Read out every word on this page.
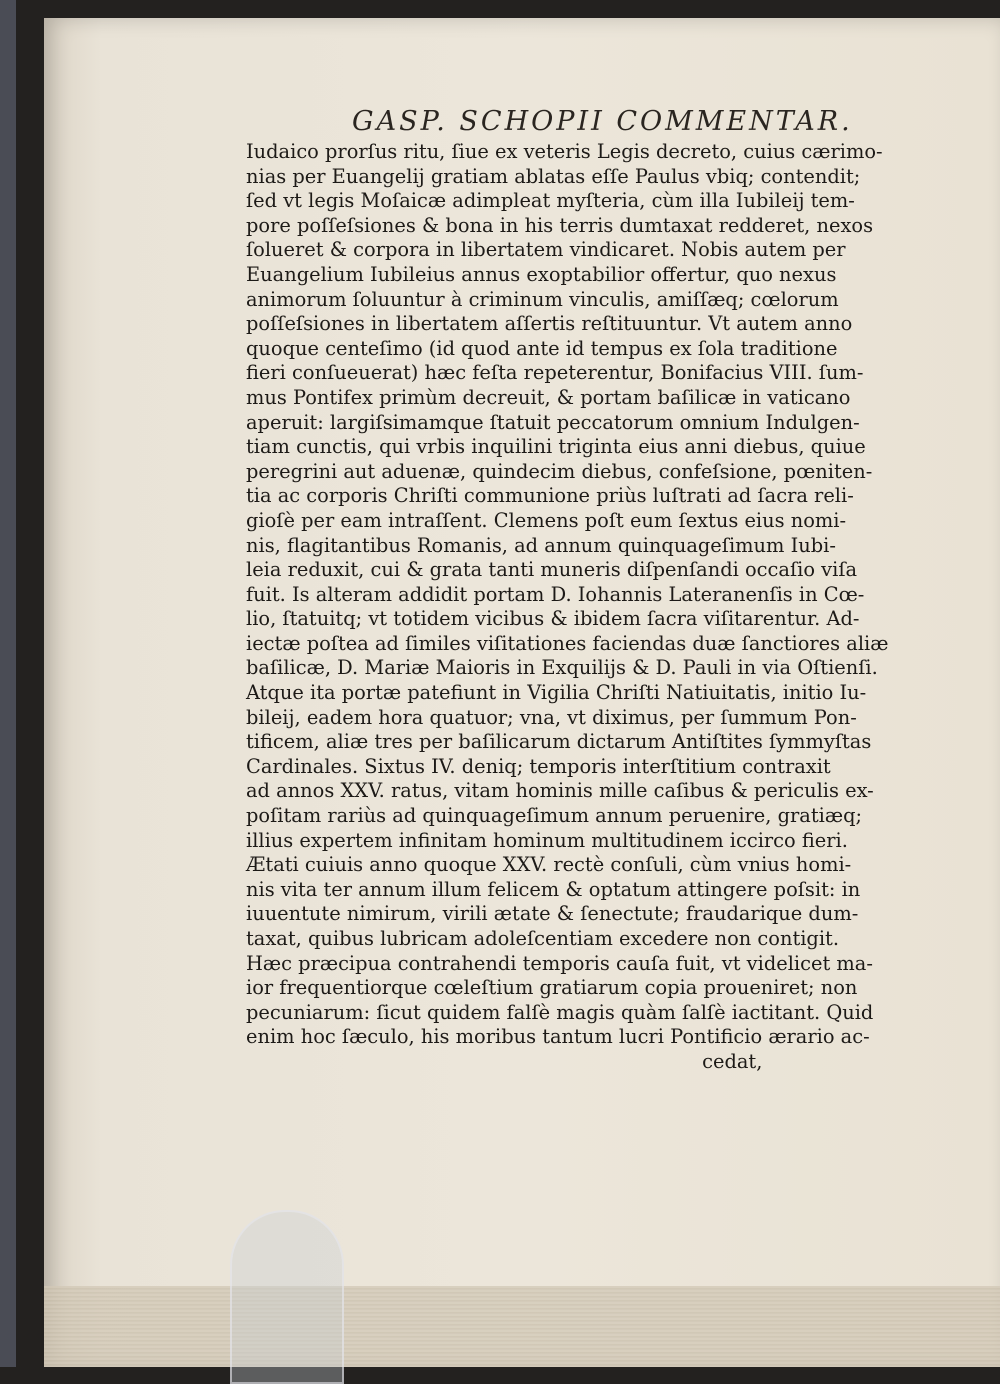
GASP. SCHOPII COMMENTAR.
Iudaico prorſus ritu, ſiue ex veteris Legis decreto, cuius cærimo-
nias per Euangelij gratiam ablatas eſſe Paulus vbiq; contendit;
ſed vt legis Moſaicæ adimpleat myſteria, cùm illa Iubileij tem-
pore poſſeſsiones & bona in his terris dumtaxat redderet, nexos
ſolueret & corpora in libertatem vindicaret. Nobis autem per
Euangelium Iubileius annus exoptabilior offertur, quo nexus
animorum ſoluuntur à criminum vinculis, amiſſæq; cœlorum
poſſeſsiones in libertatem aſſertis reſtituuntur. Vt autem anno
quoque centeſimo (id quod ante id tempus ex ſola traditione
fieri conſueuerat) hæc feſta repeterentur, Bonifacius VIII. ſum-
mus Pontifex primùm decreuit, & portam baſilicæ in vaticano
aperuit: largiſsimamque ſtatuit peccatorum omnium Indulgen-
tiam cunctis, qui vrbis inquilini triginta eius anni diebus, quiue
peregrini aut aduenæ, quindecim diebus, confeſsione, pœniten-
tia ac corporis Chriſti communione priùs luſtrati ad ſacra reli-
gioſè per eam intraſſent. Clemens poſt eum ſextus eius nomi-
nis, flagitantibus Romanis, ad annum quinquageſimum Iubi-
leia reduxit, cui & grata tanti muneris diſpenſandi occaſio viſa
fuit. Is alteram addidit portam D. Iohannis Lateranenſis in Cœ-
lio, ſtatuitq; vt totidem vicibus & ibidem ſacra viſitarentur. Ad-
iectæ poſtea ad ſimiles viſitationes faciendas duæ ſanctiores aliæ
baſilicæ, D. Mariæ Maioris in Exquilijs & D. Pauli in via Oſtienſi.
Atque ita portæ patefiunt in Vigilia Chriſti Natiuitatis, initio Iu-
bileij, eadem hora quatuor; vna, vt diximus, per ſummum Pon-
tificem, aliæ tres per baſilicarum dictarum Antiſtites ſymmyſtas
Cardinales. Sixtus IV. deniq; temporis interſtitium contraxit
ad annos XXV. ratus, vitam hominis mille caſibus & periculis ex-
poſitam rariùs ad quinquageſimum annum peruenire, gratiæq;
illius expertem infinitam hominum multitudinem iccirco fieri.
Ætati cuiuis anno quoque XXV. rectè conſuli, cùm vnius homi-
nis vita ter annum illum felicem & optatum attingere poſsit: in
iuuentute nimirum, virili ætate & ſenectute; fraudarique dum-
taxat, quibus lubricam adoleſcentiam excedere non contigit.
Hæc præcipua contrahendi temporis cauſa fuit, vt videlicet ma-
ior frequentiorque cœleſtium gratiarum copia proueniret; non
pecuniarum: ſicut quidem falſè magis quàm ſalſè iactitant. Quid
enim hoc ſæculo, his moribus tantum lucri Pontificio ærario ac-
cedat,
